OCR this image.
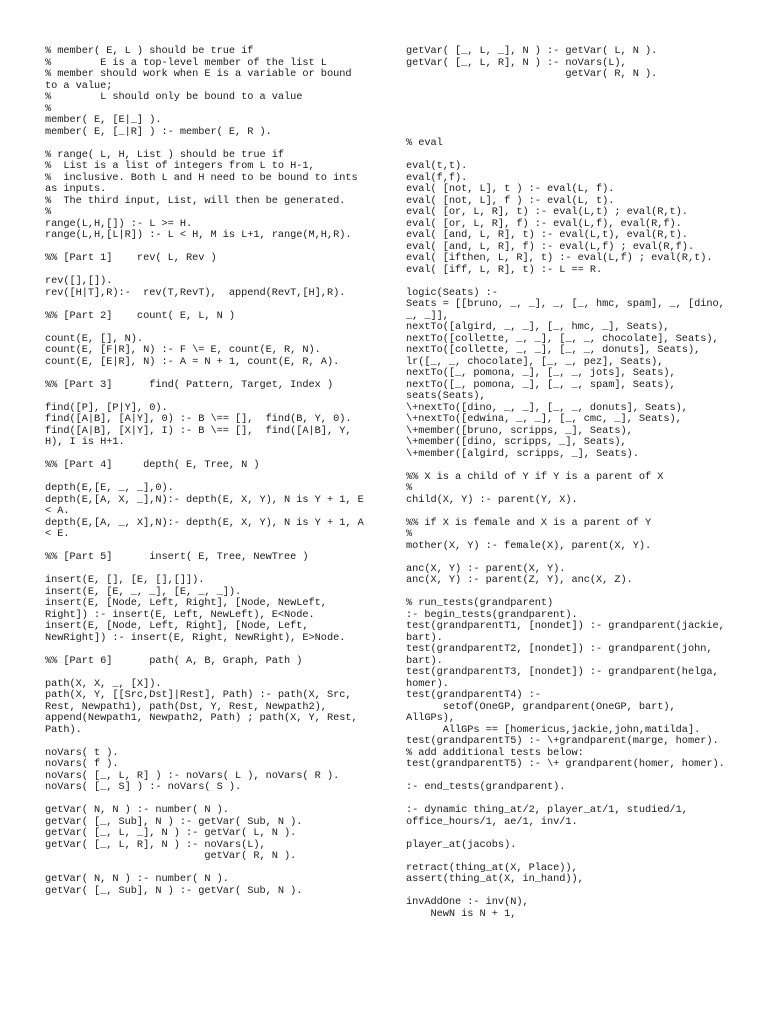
% member( E, L ) should be true if
%        E is a top-level member of the list L
% member should work when E is a variable or bound
to a value;
%        L should only be bound to a value
%
member( E, [E|_] ).
member( E, [_|R] ) :- member( E, R ).

% range( L, H, List ) should be true if
%  List is a list of integers from L to H-1,
%  inclusive. Both L and H need to be bound to ints
as inputs.
%  The third input, List, will then be generated.
%
range(L,H,[]) :- L >= H.
range(L,H,[L|R]) :- L < H, M is L+1, range(M,H,R).

%% [Part 1]    rev( L, Rev )

rev([],[]).
rev([H|T],R):-  rev(T,RevT),  append(RevT,[H],R).

%% [Part 2]    count( E, L, N )

count(E, [], N).
count(E, [F|R], N) :- F \= E, count(E, R, N).
count(E, [E|R], N) :- A = N + 1, count(E, R, A).

%% [Part 3]      find( Pattern, Target, Index )

find([P], [P|Y], 0).
find([A|B], [A|Y], 0) :- B \== [],  find(B, Y, 0).
find([A|B], [X|Y], I) :- B \== [],  find([A|B], Y,
H), I is H+1.

%% [Part 4]     depth( E, Tree, N )

depth(E,[E, _, _],0).
depth(E,[A, X, _],N):- depth(E, X, Y), N is Y + 1, E
< A.
depth(E,[A, _, X],N):- depth(E, X, Y), N is Y + 1, A
< E.

%% [Part 5]      insert( E, Tree, NewTree )

insert(E, [], [E, [],[]]).
insert(E, [E, _, _], [E, _, _]).
insert(E, [Node, Left, Right], [Node, NewLeft,
Right]) :- insert(E, Left, NewLeft), E<Node.
insert(E, [Node, Left, Right], [Node, Left,
NewRight]) :- insert(E, Right, NewRight), E>Node.

%% [Part 6]      path( A, B, Graph, Path )

path(X, X, _, [X]).
path(X, Y, [[Src,Dst]|Rest], Path) :- path(X, Src,
Rest, Newpath1), path(Dst, Y, Rest, Newpath2),
append(Newpath1, Newpath2, Path) ; path(X, Y, Rest,
Path).

noVars( t ).
noVars( f ).
noVars( [_, L, R] ) :- noVars( L ), noVars( R ).
noVars( [_, S] ) :- noVars( S ).

getVar( N, N ) :- number( N ).
getVar( [_, Sub], N ) :- getVar( Sub, N ).
getVar( [_, L, _], N ) :- getVar( L, N ).
getVar( [_, L, R], N ) :- noVars(L),
getVar( R, N ).

getVar( N, N ) :- number( N ).
getVar( [_, Sub], N ) :- getVar( Sub, N ).
getVar( [_, L, _], N ) :- getVar( L, N ).
getVar( [_, L, R], N ) :- noVars(L),
getVar( R, N ).

% eval

eval(t,t).
eval(f,f).
eval( [not, L], t ) :- eval(L, f).
eval( [not, L], f ) :- eval(L, t).
eval( [or, L, R], t) :- eval(L,t) ; eval(R,t).
eval( [or, L, R], f) :- eval(L,f), eval(R,f).
eval( [and, L, R], t) :- eval(L,t), eval(R,t).
eval( [and, L, R], f) :- eval(L,f) ; eval(R,f).
eval( [ifthen, L, R], t) :- eval(L,f) ; eval(R,t).
eval( [iff, L, R], t) :- L == R.

logic(Seats) :-
Seats = [[bruno, _, _], _, [_, hmc, spam], _, [dino,
_, _]],
nextTo([algird, _, _], [_, hmc, _], Seats),
nextTo([collette, _, _], [_, _, chocolate], Seats),
nextTo([collette, _, _], [_, _, donuts], Seats),
lr([_, _, chocolate], [_, _, pez], Seats),
nextTo([_, pomona, _], [_, _, jots], Seats),
nextTo([_, pomona, _], [_, _, spam], Seats),
seats(Seats),
\+nextTo([dino, _, _], [_, _, donuts], Seats),
\+nextTo([edwina, _, _], [_, cmc, _], Seats),
\+member([bruno, scripps, _], Seats),
\+member([dino, scripps, _], Seats),
\+member([algird, scripps, _], Seats).

%% X is a child of Y if Y is a parent of X
%
child(X, Y) :- parent(Y, X).

%% if X is female and X is a parent of Y
%
mother(X, Y) :- female(X), parent(X, Y).

anc(X, Y) :- parent(X, Y).
anc(X, Y) :- parent(Z, Y), anc(X, Z).

% run_tests(grandparent)
:- begin_tests(grandparent).
test(grandparentT1, [nondet]) :- grandparent(jackie,
bart).
test(grandparentT2, [nondet]) :- grandparent(john,
bart).
test(grandparentT3, [nondet]) :- grandparent(helga,
homer).
test(grandparentT4) :-
setof(OneGP, grandparent(OneGP, bart),
AllGPs),
AllGPs == [homericus,jackie,john,matilda].
test(grandparentT5) :- \+grandparent(marge, homer).
% add additional tests below:
test(grandparentT5) :- \+ grandparent(homer, homer).

:- end_tests(grandparent).

:- dynamic thing_at/2, player_at/1, studied/1,
office_hours/1, ae/1, inv/1.

player_at(jacobs).

retract(thing_at(X, Place)),
assert(thing_at(X, in_hand)),

invAddOne :- inv(N),
NewN is N + 1,
